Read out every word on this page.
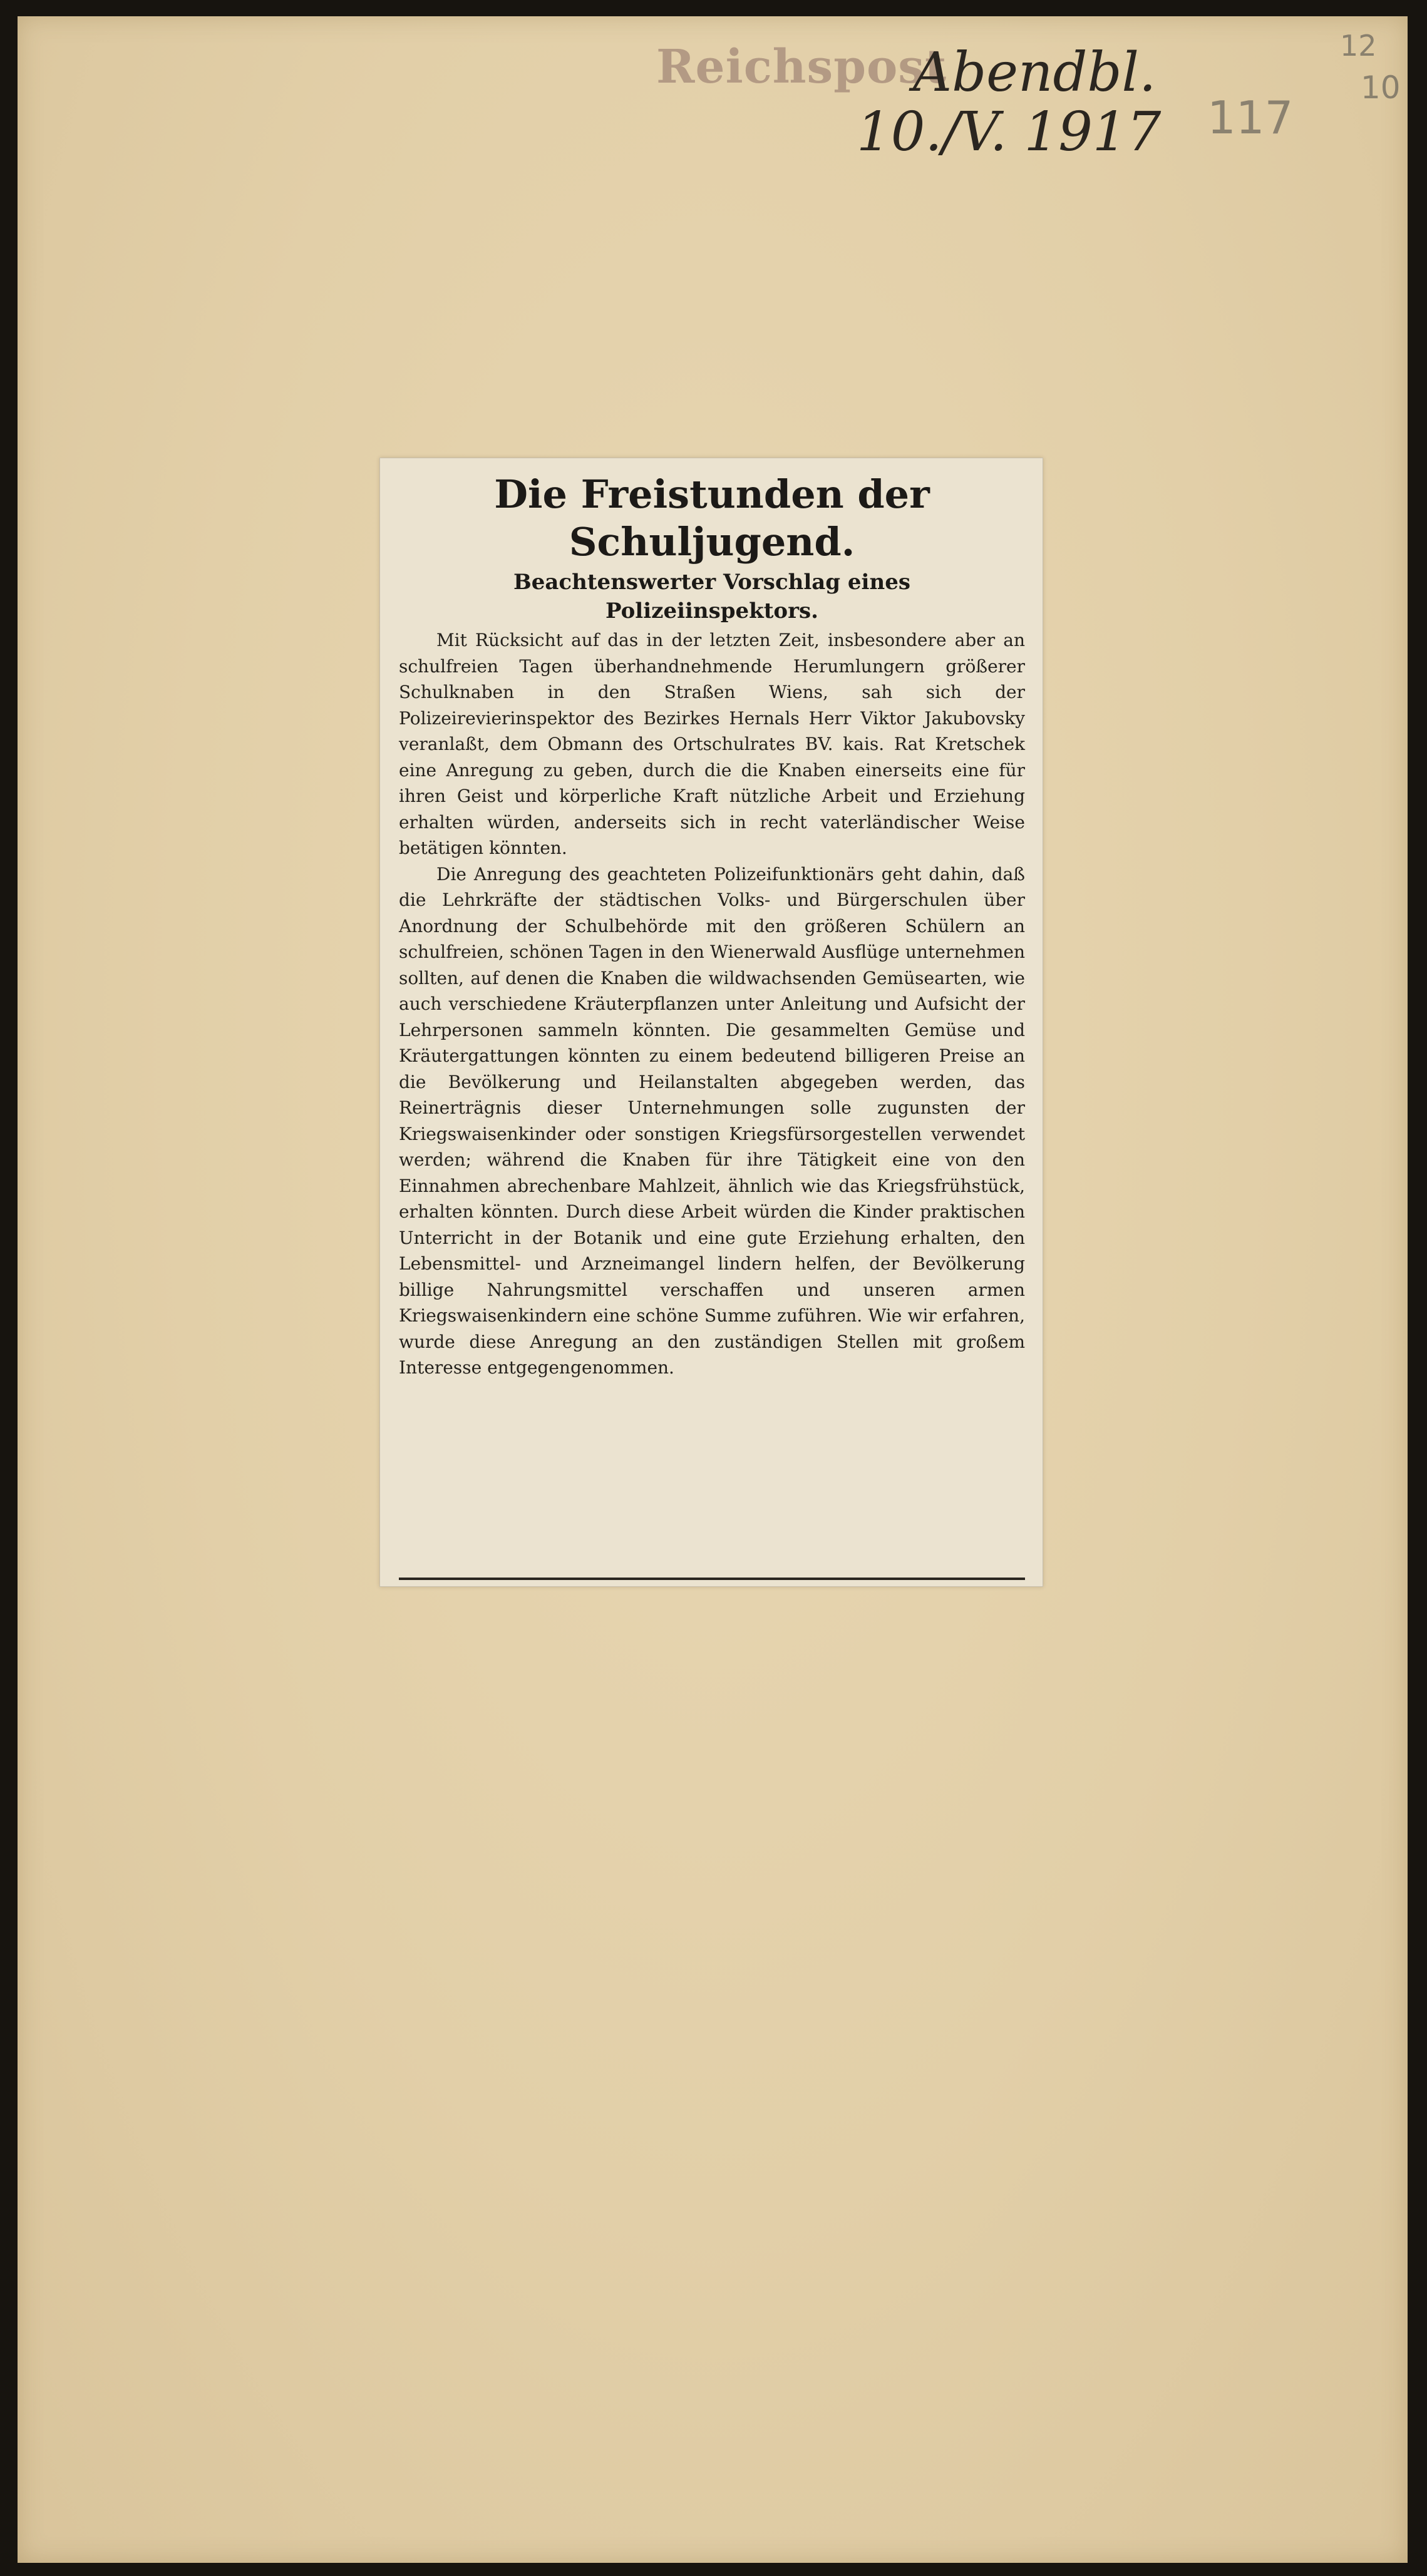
Reichspost
Abendbl.
10./V. 1917 117
12
10
Die Freistunden der Schuljugend.
Beachtenswerter Vorschlag eines Polizeiinspektors.

Mit Rücksicht auf das in der letzten Zeit, insbesondere aber an schulfreien Tagen überhandnehmende Herumlungern größerer Schulknaben in den Straßen Wiens, sah sich der Polizeirevierinspektor des Bezirkes Hernals Herr Viktor Jakubovsky veranlaßt, dem Obmann des Ortschulrates BV. kais. Rat Kretschek eine Anregung zu geben, durch die die Knaben einerseits eine für ihren Geist und körperliche Kraft nützliche Arbeit und Erziehung erhalten würden, anderseits sich in recht vaterländischer Weise betätigen könnten.

Die Anregung des geachteten Polizeifunktionärs geht dahin, daß die Lehrkräfte der städtischen Volks- und Bürgerschulen über Anordnung der Schulbehörde mit den größeren Schülern an schulfreien, schönen Tagen in den Wienerwald Ausflüge unternehmen sollten, auf denen die Knaben die wildwachsenden Gemüsearten, wie auch verschiedene Kräuterpflanzen unter Anleitung und Aufsicht der Lehrpersonen sammeln könnten. Die gesammelten Gemüse und Kräutergattungen könnten zu einem bedeutend billigeren Preise an die Bevölkerung und Heilanstalten abgegeben werden, das Reinerträgnis dieser Unternehmungen solle zugunsten der Kriegswaisenkinder oder sonstigen Kriegsfürsorgestellen verwendet werden; während die Knaben für ihre Tätigkeit eine von den Einnahmen abrechenbare Mahlzeit, ähnlich wie das Kriegsfrühstück, erhalten könnten. Durch diese Arbeit würden die Kinder praktischen Unterricht in der Botanik und eine gute Erziehung erhalten, den Lebensmittel- und Arzneimangel lindern helfen, der Bevölkerung billige Nahrungsmittel verschaffen und unseren armen Kriegswaisenkindern eine schöne Summe zuführen. Wie wir erfahren, wurde diese Anregung an den zuständigen Stellen mit großem Interesse entgegengenommen.
